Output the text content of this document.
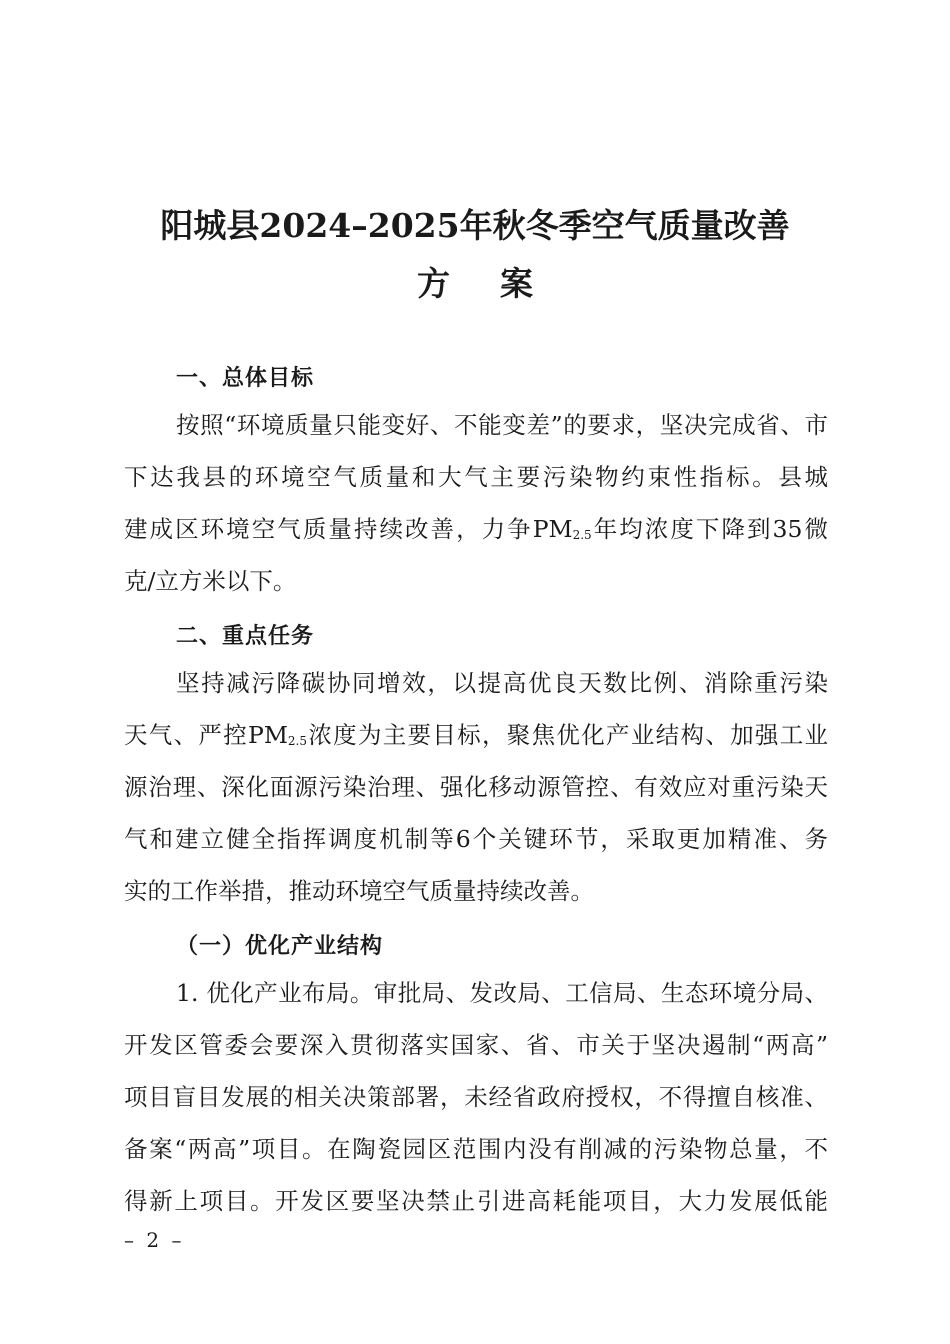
阳城县2024–2025年秋冬季空气质量改善
方 案
一、总体目标
按照“环境质量只能变好、不能变差”的要求，坚决完成省、市
下达我县的环境空气质量和大气主要污染物约束性指标。县城
建成区环境空气质量持续改善，力争$PM_{2.5}$年均浓度下降到35微
克/立方米以下。
二、重点任务
坚持减污降碳协同增效，以提高优良天数比例、消除重污染
天气、严控$PM_{2.5}$浓度为主要目标，聚焦优化产业结构、加强工业
源治理、深化面源污染治理、强化移动源管控、有效应对重污染天
气和建立健全指挥调度机制等6个关键环节，采取更加精准、务
实的工作举措，推动环境空气质量持续改善。
（一）优化产业结构
1. 优化产业布局。审批局、发改局、工信局、生态环境分局、
开发区管委会要深入贯彻落实国家、省、市关于坚决遏制“两高”
项目盲目发展的相关决策部署，未经省政府授权，不得擅自核准、
备案“两高”项目。在陶瓷园区范围内没有削减的污染物总量，不
得新上项目。开发区要坚决禁止引进高耗能项目，大力发展低能
– 2 –
